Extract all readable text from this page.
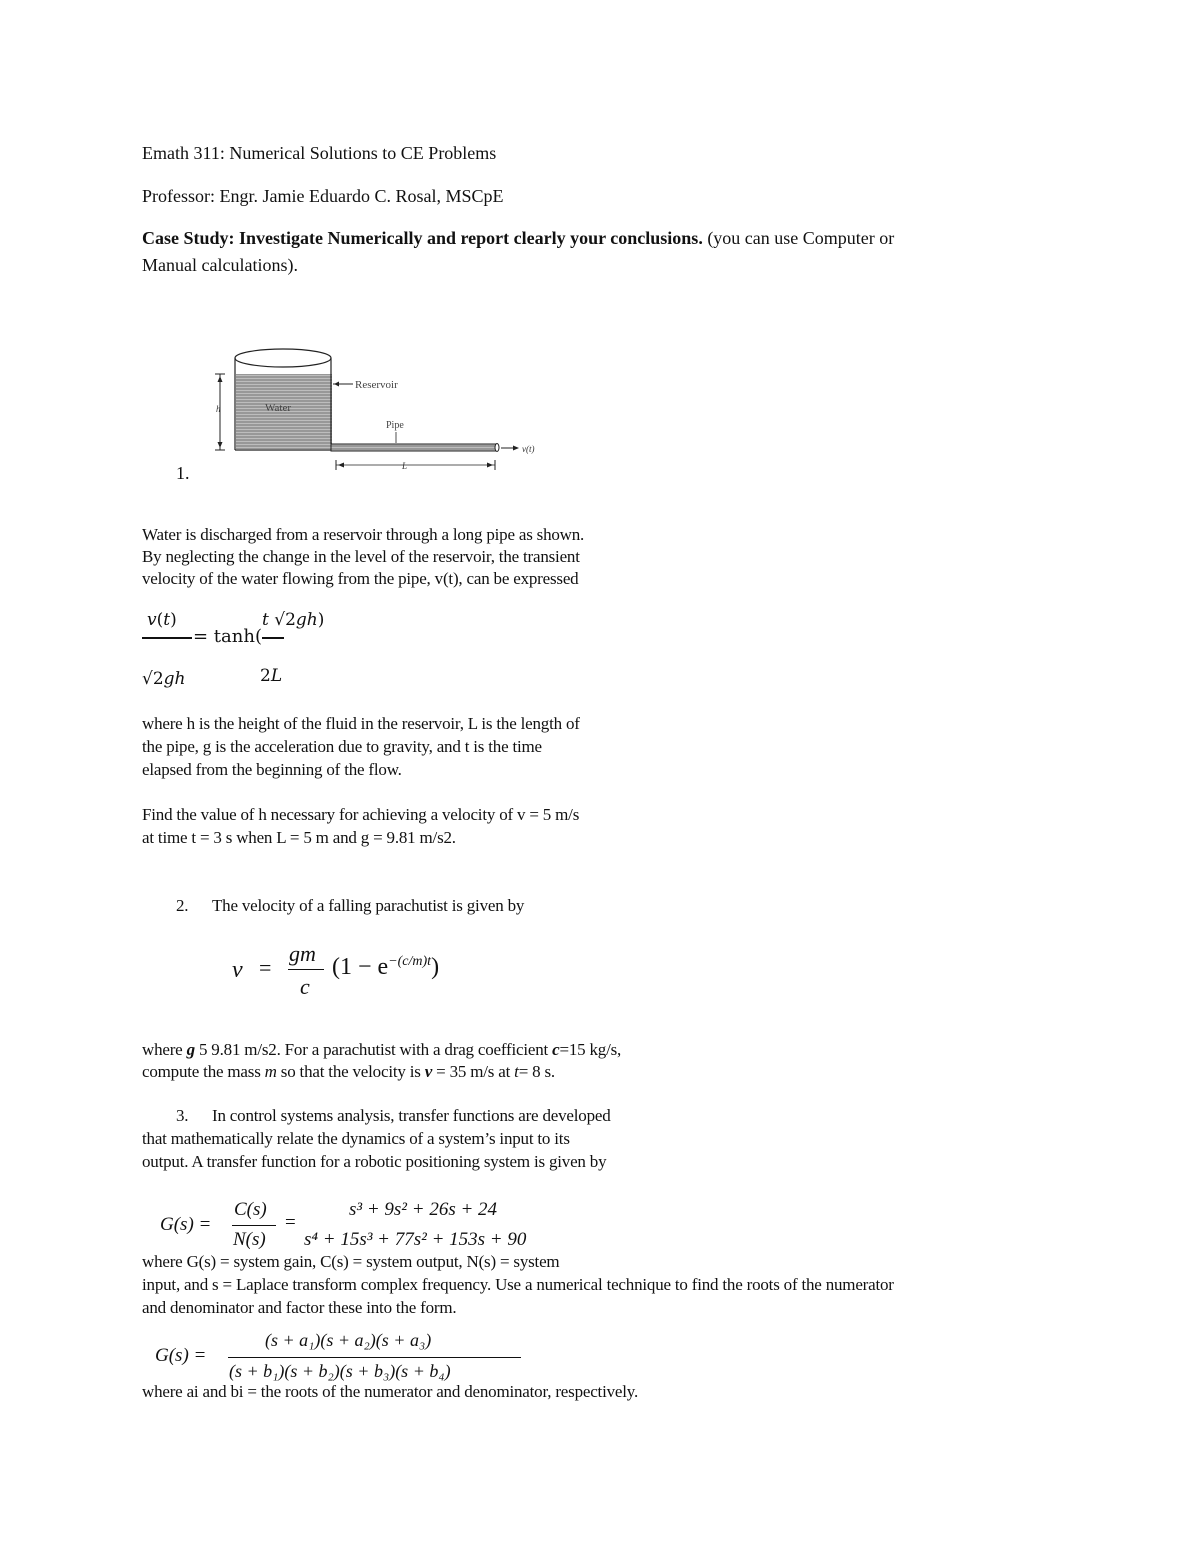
Emath 311: Numerical Solutions to CE Problems
Professor: Engr. Jamie Eduardo C. Rosal, MSCpE
Case Study: Investigate Numerically and report clearly your conclusions. (you can use Computer or
Manual calculations).
h	Water
Reservoir
Pipe
v(t)
L
1.
Water is discharged from a reservoir through a long pipe as shown.
By neglecting the change in the level of the reservoir, the transient
velocity of the water flowing from the pipe, v(t), can be expressed
𝑣(𝑡)
= tanh(
𝑡 √2𝑔ℎ)
√2𝑔ℎ	2𝐿
where h is the height of the fluid in the reservoir, L is the length of
the pipe, g is the acceleration due to gravity, and t is the time
elapsed from the beginning of the flow.
Find the value of h necessary for achieving a velocity of v = 5 m/s
at time t = 3 s when L = 5 m and g = 9.81 m/s2.
2. The velocity of a falling parachutist is given by
v =
gm
c
$(1 - e^{-(c/m)t})$
where g 5 9.81 m/s2. For a parachutist with a drag coefficient c=15 kg/s,
compute the mass m so that the velocity is v = 35 m/s at t= 8 s.
3. In control systems analysis, transfer functions are developed
that mathematically relate the dynamics of a system’s input to its
output. A transfer function for a robotic positioning system is given by
G(s) =
C(s)
N(s)
=
s³ + 9s² + 26s + 24
s⁴ + 15s³ + 77s² + 153s + 90
where G(s) = system gain, C(s) = system output, N(s) = system
input, and s = Laplace transform complex frequency. Use a numerical technique to find the roots of the numerator
and denominator and factor these into the form.
G(s) =
(s + a₁)(s + a₂)(s + a₃)
(s + b₁)(s + b₂)(s + b₃)(s + b₄)
where ai and bi = the roots of the numerator and denominator, respectively.
